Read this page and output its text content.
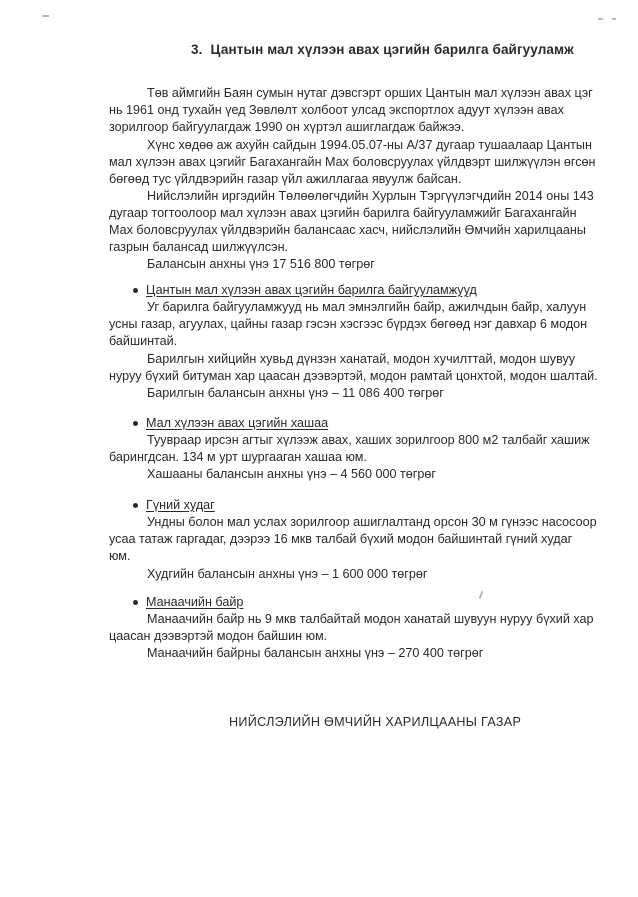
3. Цантын мал хүлээн авах цэгийн барилга байгууламж
Төв аймгийн Баян сумын нутаг дэвсгэрт орших Цантын мал хүлээн авах цэг
нь 1961 онд тухайн үед Зөвлөлт холбоот улсад экспортлох адуут хүлээн авах
зорилгоор байгуулагдаж 1990 он хүртэл ашиглагдаж байжээ.
Хүнс хөдөө аж ахуйн сайдын 1994.05.07-ны А/37 дугаар тушаалаар Цантын
мал хүлээн авах цэгийг Багахангайн Мах боловсруулах үйлдвэрт шилжүүлэн өгсөн
бөгөөд тус үйлдвэрийн газар үйл ажиллагаа явуулж байсан.
Нийслэлийн иргэдийн Төлөөлөгчдийн Хурлын Тэргүүлэгчдийн 2014 оны 143
дугаар тогтоолоор мал хүлээн авах цэгийн барилга байгууламжийг Багахангайн
Мах боловсруулах үйлдвэрийн балансаас хасч, нийслэлийн Өмчийн харилцааны
газрын балансад шилжүүлсэн.
Балансын анхны үнэ 17 516 800 төгрөг
Цантын мал хүлээн авах цэгийн барилга байгууламжууд
Уг барилга байгууламжууд нь мал эмнэлгийн байр, ажилчдын байр, халуун
усны газар, агуулах, цайны газар гэсэн хэсгээс бүрдэх бөгөөд нэг давхар 6 модон
байшинтай.
Барилгын хийцийн хувьд дүнзэн ханатай, модон хучилттай, модон шувуу
нуруу бүхий битуман хар цаасан дээвэртэй, модон рамтай цонхтой, модон шалтай.
Барилгын балансын анхны үнэ – 11 086 400 төгрөг
Мал хүлээн авах цэгийн хашаа
Тууврааp ирсэн агтыг хүлээж авах, хаших зорилгоор 800 м2 талбайг хашиж
барингдсан. 134 м урт шургааган хашаа юм.
Хашааны балансын анхны үнэ – 4 560 000 төгрөг
Гүний худаг
Ундны болон мал услах зорилгоор ашиглалтанд орсон 30 м гүнээс насосоор
усаа татаж гаргадаг, дээрээ 16 мкв талбай бүхий модон байшинтай гүний худаг
юм.
Худгийн балансын анхны үнэ – 1 600 000 төгрөг
Манаачийн байр
Манаачийн байр нь 9 мкв талбайтай модон ханатай шувуун нуруу бүхий хар
цаасан дээвэртэй модон байшин юм.
Манаачийн байрны балансын анхны үнэ – 270 400 төгрөг
НИЙСЛЭЛИЙН ӨМЧИЙН ХАРИЛЦААНЫ ГАЗАР
